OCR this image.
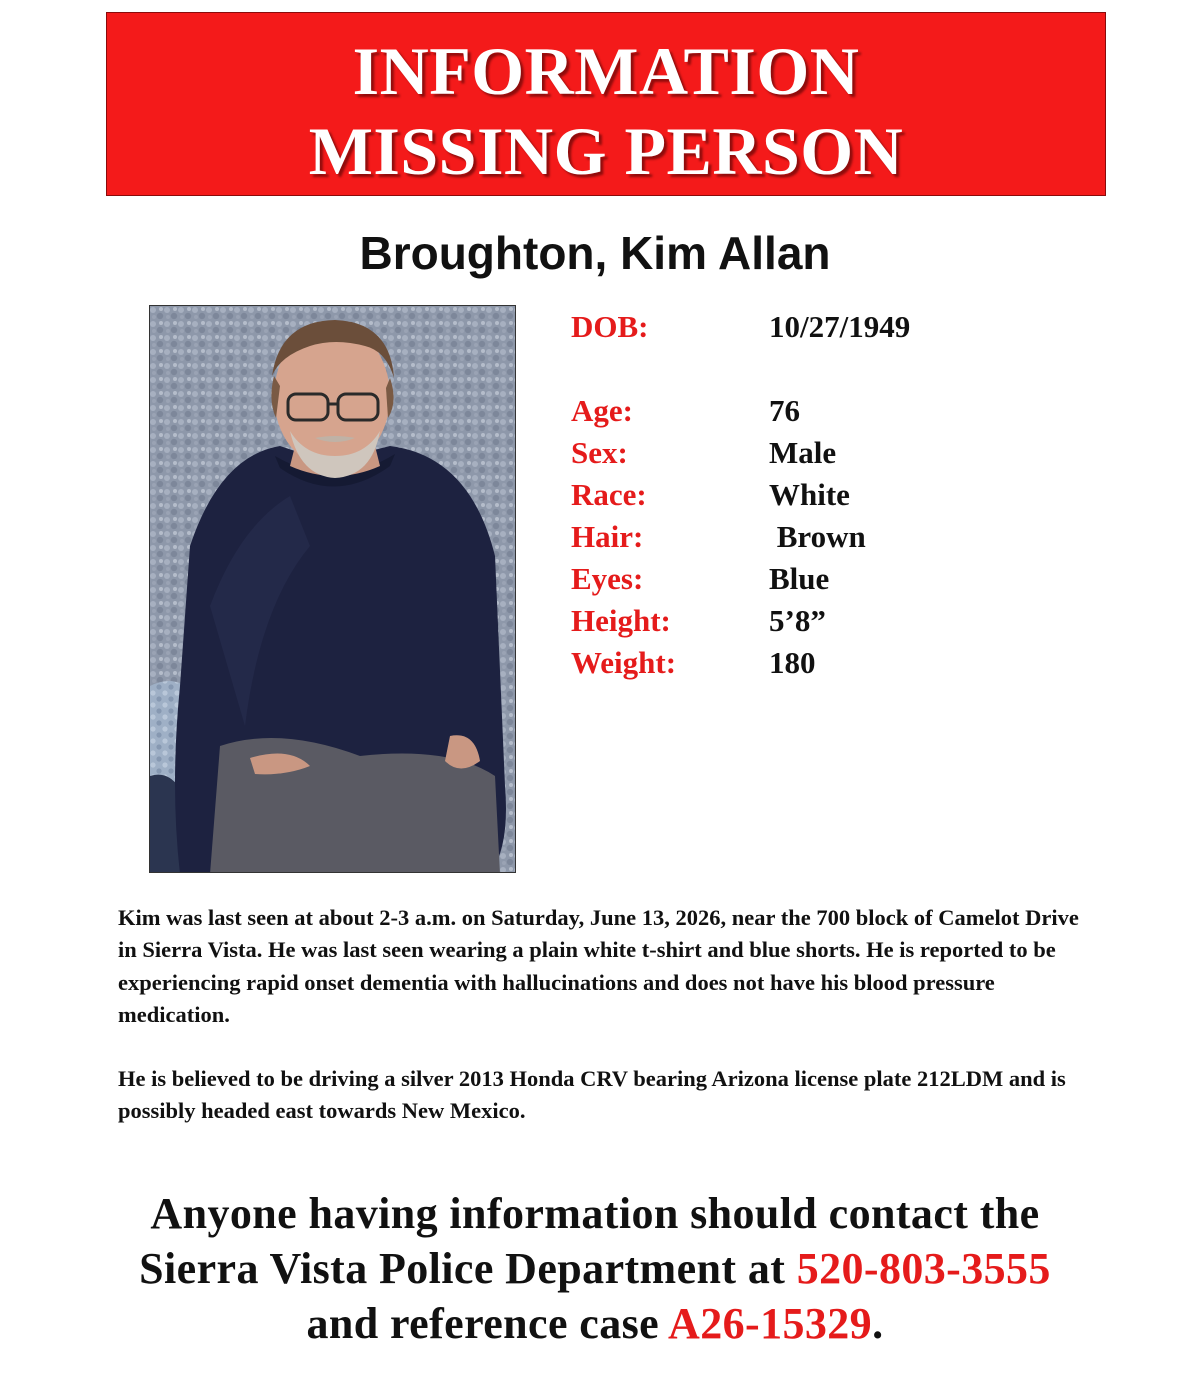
INFORMATION
MISSING PERSON
Broughton, Kim Allan
DOB:	10/27/1949
Age:	76
Sex:	Male
Race:	White
Hair:	Brown
Eyes:	Blue
Height:	5’8”
Weight:	180

Kim was last seen at about 2-3 a.m. on Saturday, June 13, 2026, near the 700 block of Camelot Drive in Sierra Vista. He was last seen wearing a plain white t-shirt and blue shorts. He is reported to be experiencing rapid onset dementia with hallucinations and does not have his blood pressure medication.

He is believed to be driving a silver 2013 Honda CRV bearing Arizona license plate 212LDM and is possibly headed east towards New Mexico.

Anyone having information should contact the
Sierra Vista Police Department at 520-803-3555
and reference case A26-15329.
